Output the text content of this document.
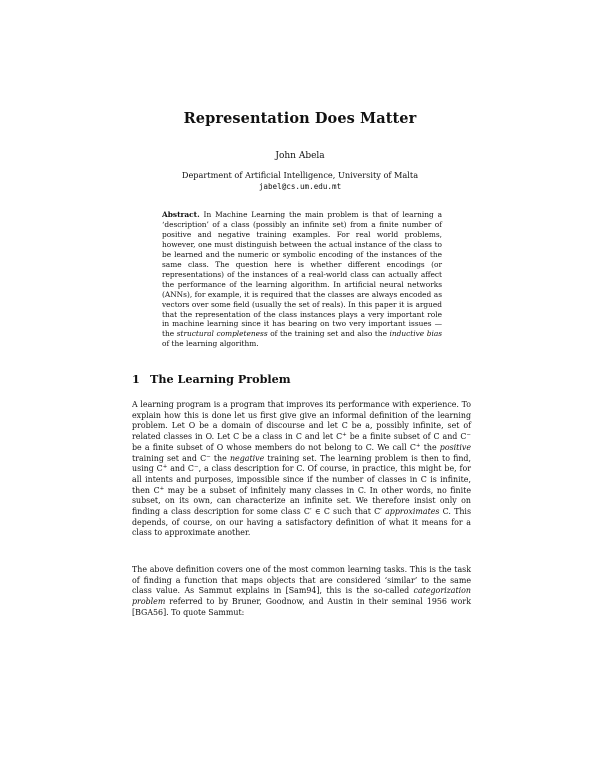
Representation Does Matter
John Abela
Department of Artificial Intelligence, University of Malta
jabel@cs.um.edu.mt
Abstract. In Machine Learning the main problem is that of learning a ‘description’ of a class (possibly an infinite set) from a finite number of positive and negative training examples. For real world problems, however, one must distinguish between the actual instance of the class to be learned and the numeric or symbolic encoding of the instances of the same class. The question here is whether different encodings (or representations) of the instances of a real-world class can actually affect the performance of the learning algorithm. In artificial neural networks (ANNs), for example, it is required that the classes are always encoded as vectors over some field (usually the set of reals). In this paper it is argued that the representation of the class instances plays a very important role in machine learning since it has bearing on two very important issues — the structural completeness of the training set and also the inductive bias of the learning algorithm.
1 The Learning Problem
A learning program is a program that improves its performance with experience. To explain how this is done let us first give give an informal definition of the learning problem. Let O be a domain of discourse and let C be a, possibly infinite, set of related classes in O. Let C be a class in C and let C+ be a finite subset of C and C− be a finite subset of O whose members do not belong to C. We call C+ the positive training set and C− the negative training set. The learning problem is then to find, using C+ and C−, a class description for C. Of course, in practice, this might be, for all intents and purposes, impossible since if the number of classes in C is infinite, then C+ may be a subset of infinitely many classes in C. In other words, no finite subset, on its own, can characterize an infinite set. We therefore insist only on finding a class description for some class C′ ∈ C such that C′ approximates C. This depends, of course, on our having a satisfactory definition of what it means for a class to approximate another.
The above definition covers one of the most common learning tasks. This is the task of finding a function that maps objects that are considered ‘similar’ to the same class value. As Sammut explains in [Sam94], this is the so-called categorization problem referred to by Bruner, Goodnow, and Austin in their seminal 1956 work [BGA56]. To quote Sammut:
